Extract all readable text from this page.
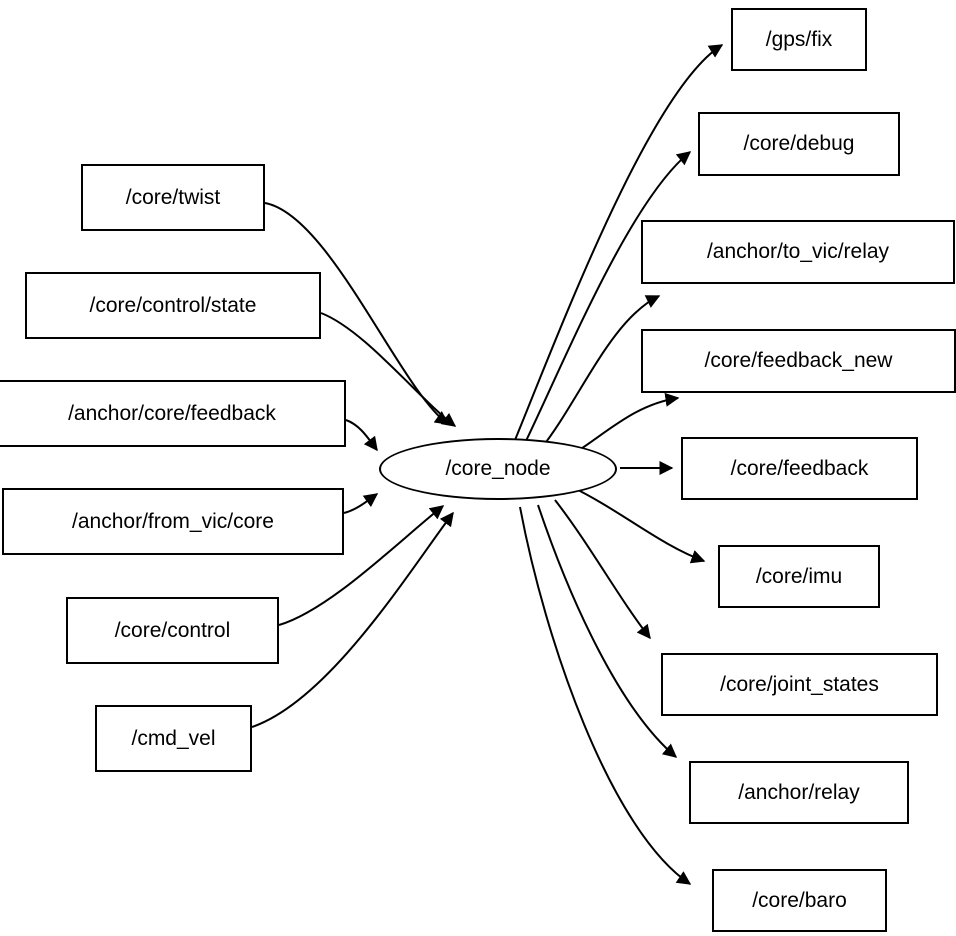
/core_node
/core/twist
/core/control/state
/anchor/core/feedback
/anchor/from_vic/core
/core/control
/cmd_vel
/gps/fix
/core/debug
/anchor/to_vic/relay
/core/feedback_new
/core/feedback
/core/imu
/core/joint_states
/anchor/relay
/core/baro
